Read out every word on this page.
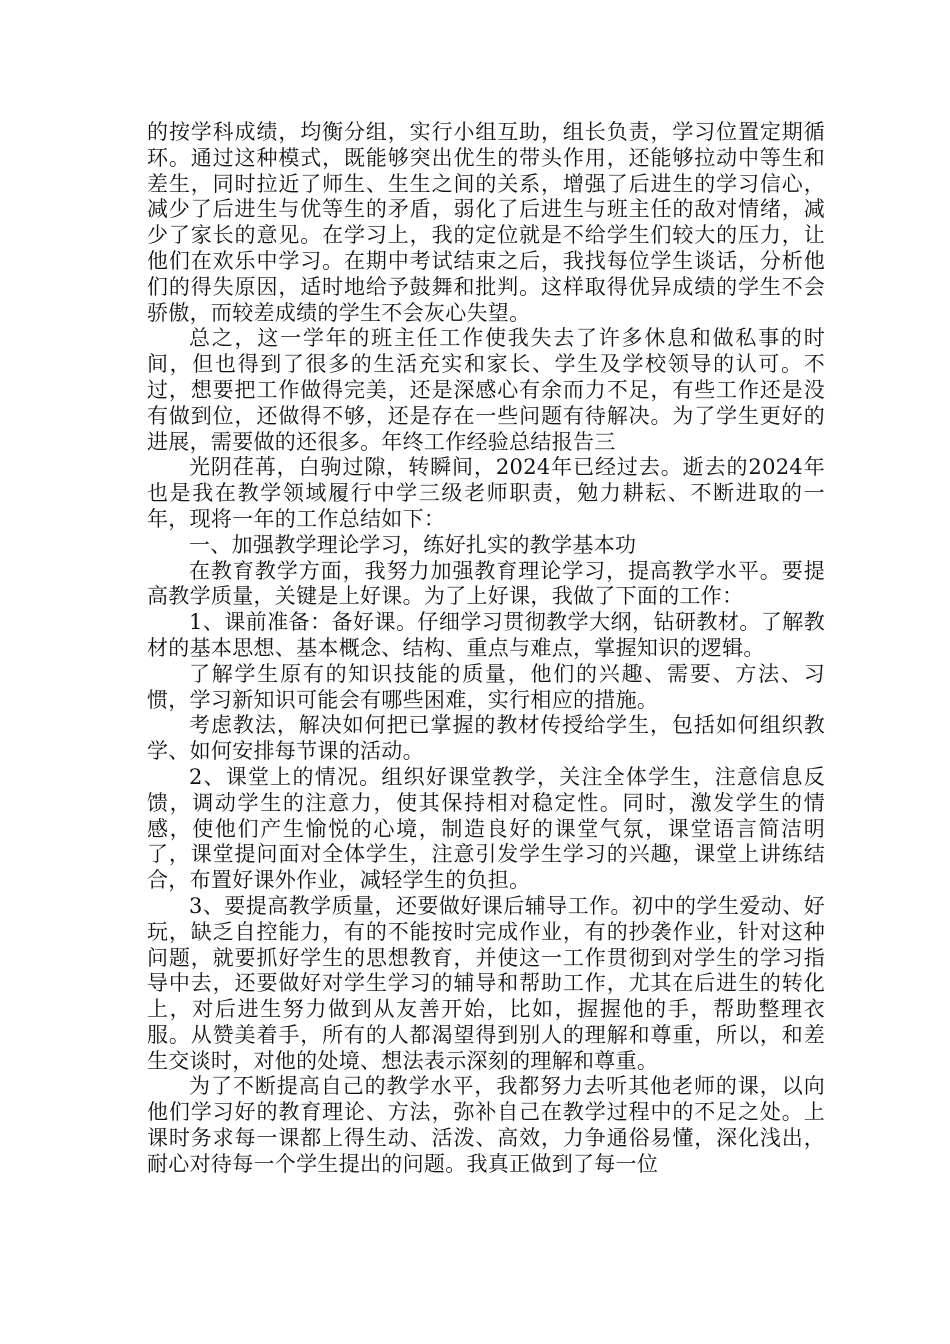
的按学科成绩，均衡分组，实行小组互助，组长负责，学习位置定期循环。通过这种模式，既能够突出优生的带头作用，还能够拉动中等生和差生，同时拉近了师生、生生之间的关系，增强了后进生的学习信心，减少了后进生与优等生的矛盾，弱化了后进生与班主任的敌对情绪，减少了家长的意见。在学习上，我的定位就是不给学生们较大的压力，让他们在欢乐中学习。在期中考试结束之后，我找每位学生谈话，分析他们的得失原因，适时地给予鼓舞和批判。这样取得优异成绩的学生不会骄傲，而较差成绩的学生不会灰心失望。

总之，这一学年的班主任工作使我失去了许多休息和做私事的时间，但也得到了很多的生活充实和家长、学生及学校领导的认可。不过，想要把工作做得完美，还是深感心有余而力不足，有些工作还是没有做到位，还做得不够，还是存在一些问题有待解决。为了学生更好的进展，需要做的还很多。年终工作经验总结报告三

光阴荏苒，白驹过隙，转瞬间，2024年已经过去。逝去的2024年也是我在教学领域履行中学三级老师职责，勉力耕耘、不断进取的一年，现将一年的工作总结如下：

一、加强教学理论学习，练好扎实的教学基本功

在教育教学方面，我努力加强教育理论学习，提高教学水平。要提高教学质量，关键是上好课。为了上好课，我做了下面的工作：

1、课前准备：备好课。仔细学习贯彻教学大纲，钻研教材。了解教材的基本思想、基本概念、结构、重点与难点，掌握知识的逻辑。

了解学生原有的知识技能的质量，他们的兴趣、需要、方法、习惯，学习新知识可能会有哪些困难，实行相应的措施。

考虑教法，解决如何把已掌握的教材传授给学生，包括如何组织教学、如何安排每节课的活动。

2、课堂上的情况。组织好课堂教学，关注全体学生，注意信息反馈，调动学生的注意力，使其保持相对稳定性。同时，激发学生的情感，使他们产生愉悦的心境，制造良好的课堂气氛，课堂语言简洁明了，课堂提问面对全体学生，注意引发学生学习的兴趣，课堂上讲练结合，布置好课外作业，减轻学生的负担。

3、要提高教学质量，还要做好课后辅导工作。初中的学生爱动、好玩，缺乏自控能力，有的不能按时完成作业，有的抄袭作业，针对这种问题，就要抓好学生的思想教育，并使这一工作贯彻到对学生的学习指导中去，还要做好对学生学习的辅导和帮助工作，尤其在后进生的转化上，对后进生努力做到从友善开始，比如，握握他的手，帮助整理衣服。从赞美着手，所有的人都渴望得到别人的理解和尊重，所以，和差生交谈时，对他的处境、想法表示深刻的理解和尊重。

为了不断提高自己的教学水平，我都努力去听其他老师的课，以向他们学习好的教育理论、方法，弥补自己在教学过程中的不足之处。上课时务求每一课都上得生动、活泼、高效，力争通俗易懂，深化浅出，耐心对待每一个学生提出的问题。我真正做到了每一位
